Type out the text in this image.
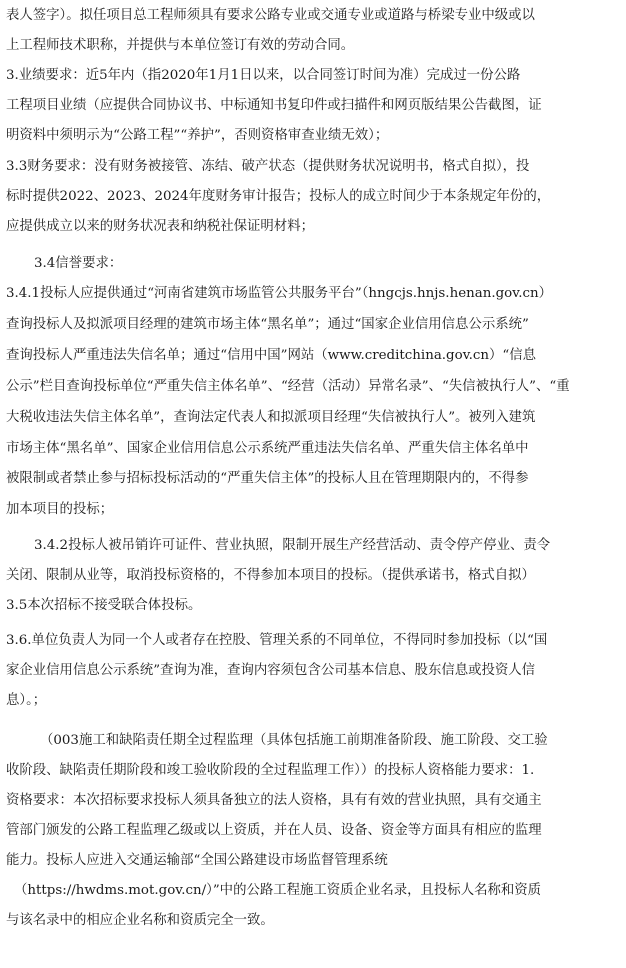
表人签字）。拟任项目总工程师须具有要求公路专业或交通专业或道路与桥梁专业中级或以
上工程师技术职称，并提供与本单位签订有效的劳动合同。
3.业绩要求：近5年内（指2020年1月1日以来，以合同签订时间为准）完成过一份公路
工程项目业绩（应提供合同协议书、中标通知书复印件或扫描件和网页版结果公告截图，证
明资料中须明示为“公路工程”“养护”，否则资格审查业绩无效）；
3.3财务要求：没有财务被接管、冻结、破产状态（提供财务状况说明书，格式自拟），投
标时提供2022、2023、2024年度财务审计报告；投标人的成立时间少于本条规定年份的，
应提供成立以来的财务状况表和纳税社保证明材料；
3.4信誉要求：
3.4.1投标人应提供通过“河南省建筑市场监管公共服务平台”（hngcjs.hnjs.henan.gov.cn）
查询投标人及拟派项目经理的建筑市场主体“黑名单”；通过“国家企业信用信息公示系统”
查询投标人严重违法失信名单；通过“信用中国”网站（www.creditchina.gov.cn）“信息
公示”栏目查询投标单位“严重失信主体名单”、“经营（活动）异常名录”、“失信被执行人”、“重
大税收违法失信主体名单”，查询法定代表人和拟派项目经理“失信被执行人”。被列入建筑
市场主体“黑名单”、国家企业信用信息公示系统严重违法失信名单、严重失信主体名单中
被限制或者禁止参与招标投标活动的“严重失信主体”的投标人且在管理期限内的，不得参
加本项目的投标；
3.4.2投标人被吊销许可证件、营业执照，限制开展生产经营活动、责令停产停业、责令
关闭、限制从业等，取消投标资格的，不得参加本项目的投标。（提供承诺书，格式自拟）
3.5本次招标不接受联合体投标。
3.6.单位负责人为同一个人或者存在控股、管理关系的不同单位，不得同时参加投标（以“国
家企业信用信息公示系统”查询为准，查询内容须包含公司基本信息、股东信息或投资人信
息）。；
（003施工和缺陷责任期全过程监理（具体包括施工前期准备阶段、施工阶段、交工验
收阶段、缺陷责任期阶段和竣工验收阶段的全过程监理工作））的投标人资格能力要求：1.
资格要求：本次招标要求投标人须具备独立的法人资格，具有有效的营业执照，具有交通主
管部门颁发的公路工程监理乙级或以上资质，并在人员、设备、资金等方面具有相应的监理
能力。投标人应进入交通运输部“全国公路建设市场监督管理系统
（https://hwdms.mot.gov.cn/）”中的公路工程施工资质企业名录，且投标人名称和资质
与该名录中的相应企业名称和资质完全一致。
